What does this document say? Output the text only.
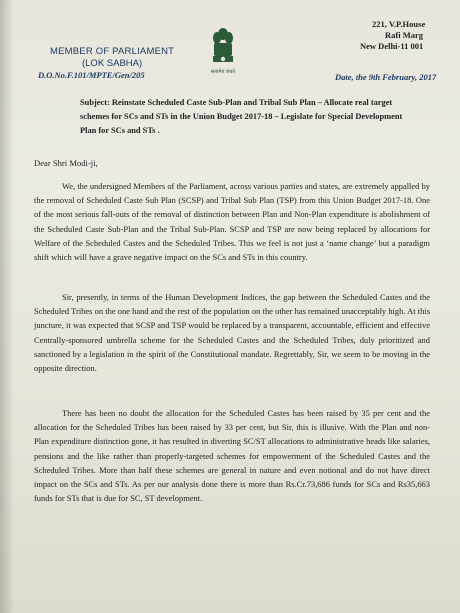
MEMBER OF PARLIAMENT
(LOK SABHA)
D.O.No.F.101/MPTE/Gen/205	सत्यमेव जयते
221, V.P.House
Rafi Marg
New Delhi-11 001
Date, the 9th February, 2017
Subject: Reinstate Scheduled Caste Sub-Plan and Tribal Sub Plan – Allocate real target schemes for SCs and STs in the Union Budget 2017-18 – Legislate for Special Development Plan for SCs and STs .
Dear Shri Modi-ji,
We, the undersigned Members of the Parliament, across various parties and states, are extremely appalled by the removal of Scheduled Caste Sub Plan (SCSP) and Tribal Sub Plan (TSP) from this Union Budget 2017-18. One of the most serious fall-outs of the removal of distinction between Plan and Non-Plan expenditure is abolishment of the Scheduled Caste Sub-Plan and the Tribal Sub-Plan. SCSP and TSP are now being replaced by allocations for Welfare of the Scheduled Castes and the Scheduled Tribes. This we feel is not just a ‘name change’ but a paradigm shift which will have a grave negative impact on the SCs and STs in this country.
Sir, presently, in terms of the Human Development Indices, the gap between the Scheduled Castes and the Scheduled Tribes on the one hand and the rest of the population on the other has remained unacceptably high. At this juncture, it was expected that SCSP and TSP would be replaced by a transparent, accountable, efficient and effective Centrally-sponsored umbrella scheme for the Scheduled Castes and the Scheduled Tribes, duly prioritized and sanctioned by a legislation in the spirit of the Constitutional mandate. Regrettably, Sir, we seem to be moving in the opposite direction.
There has been no doubt the allocation for the Scheduled Castes has been raised by 35 per cent and the allocation for the Scheduled Tribes has been raised by 33 per cent, but Sir, this is illusive. With the Plan and non-Plan expenditure distinction gone, it has resulted in diverting SC/ST allocations to administrative heads like salaries, pensions and the like rather than properly-targeted schemes for empowerment of the Scheduled Castes and the Scheduled Tribes. More than half these schemes are general in nature and even notional and do not have direct impact on the SCs and STs. As per our analysis done there is more than Rs.Cr.73,686 funds for SCs and Rs35,663 funds for STs that is due for SC, ST development.
